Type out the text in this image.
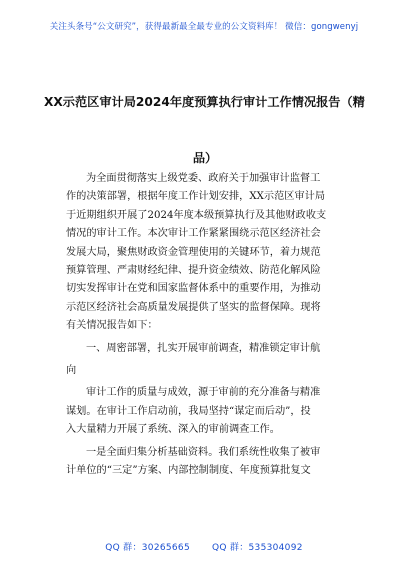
关注头条号“公文研究”，获得最新最全最专业的公文资料库！ 微信：gongwenyj
XX示范区审计局2024年度预算执行审计工作情况报告（精
品）
为全面贯彻落实上级党委、政府关于加强审计监督工
作的决策部署，根据年度工作计划安排，XX示范区审计局
于近期组织开展了2024年度本级预算执行及其他财政收支
情况的审计工作。本次审计工作紧紧围绕示范区经济社会
发展大局，聚焦财政资金管理使用的关键环节，着力规范
预算管理、严肃财经纪律、提升资金绩效、防范化解风险
切实发挥审计在党和国家监督体系中的重要作用，为推动
示范区经济社会高质量发展提供了坚实的监督保障。现将
有关情况报告如下：
一、周密部署，扎实开展审前调查，精准锁定审计航
向
审计工作的质量与成效，源于审前的充分准备与精准
谋划。在审计工作启动前，我局坚持“谋定而后动”，投
入大量精力开展了系统、深入的审前调查工作。
一是全面归集分析基础资料。我们系统性收集了被审
计单位的“三定”方案、内部控制制度、年度预算批复文
QQ 群：30265665 QQ 群：535304092
